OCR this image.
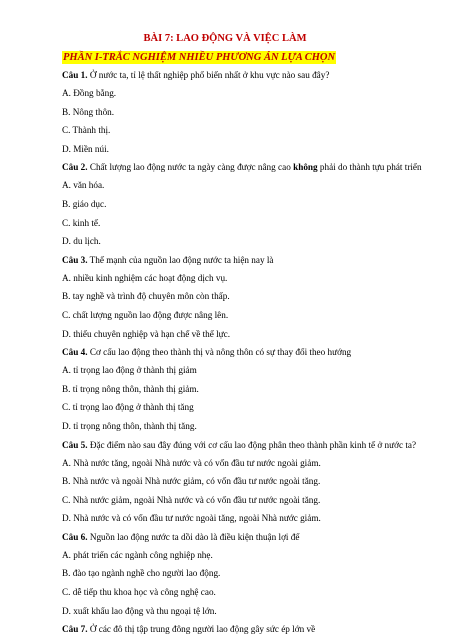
BÀI 7: LAO ĐỘNG VÀ VIỆC LÀM
PHẦN I-TRẮC NGHIỆM NHIỀU PHƯƠNG ÁN LỰA CHỌN
Câu 1. Ở nước ta, tỉ lệ thất nghiệp phổ biến nhất ở khu vực nào sau đây?
A. Đồng bằng.
B. Nông thôn.
C. Thành thị.
D. Miền núi.
Câu 2. Chất lượng lao động nước ta ngày càng được nâng cao không phải do thành tựu phát triển
A. văn hóa.
B. giáo dục.
C. kinh tế.
D. du lịch.
Câu 3. Thế mạnh của nguồn lao động nước ta hiện nay là
A. nhiều kinh nghiệm các hoạt động dịch vụ.
B. tay nghề và trình độ chuyên môn còn thấp.
C. chất lượng nguồn lao động được nâng lên.
D. thiếu chuyên nghiệp và hạn chế về thể lực.
Câu 4. Cơ cấu lao động theo thành thị và nông thôn có sự thay đổi theo hướng
A. tỉ trọng lao động ở thành thị giảm
B. tỉ trọng nông thôn, thành thị giảm.
C. tỉ trọng lao động ở thành thị tăng
D. tỉ trọng nông thôn, thành thị tăng.
Câu 5. Đặc điểm nào sau đây đúng với cơ cấu lao động phân theo thành phần kinh tế ở nước ta?
A. Nhà nước tăng, ngoài Nhà nước và có vốn đầu tư nước ngoài giảm.
B. Nhà nước và ngoài Nhà nước giảm, có vốn đầu tư nước ngoài tăng.
C. Nhà nước giảm, ngoài Nhà nước và có vốn đầu tư nước ngoài tăng.
D. Nhà nước và có vốn đầu tư nước ngoài tăng, ngoài Nhà nước giảm.
Câu 6. Nguồn lao động nước ta dồi dào là điều kiện thuận lợi để
A. phát triển các ngành công nghiệp nhẹ.
B. đào tạo ngành nghề cho người lao động.
C. dễ tiếp thu khoa học và công nghệ cao.
D. xuất khẩu lao động và thu ngoại tệ lớn.
Câu 7. Ở các đô thị tập trung đông người lao động gây sức ép lớn về
